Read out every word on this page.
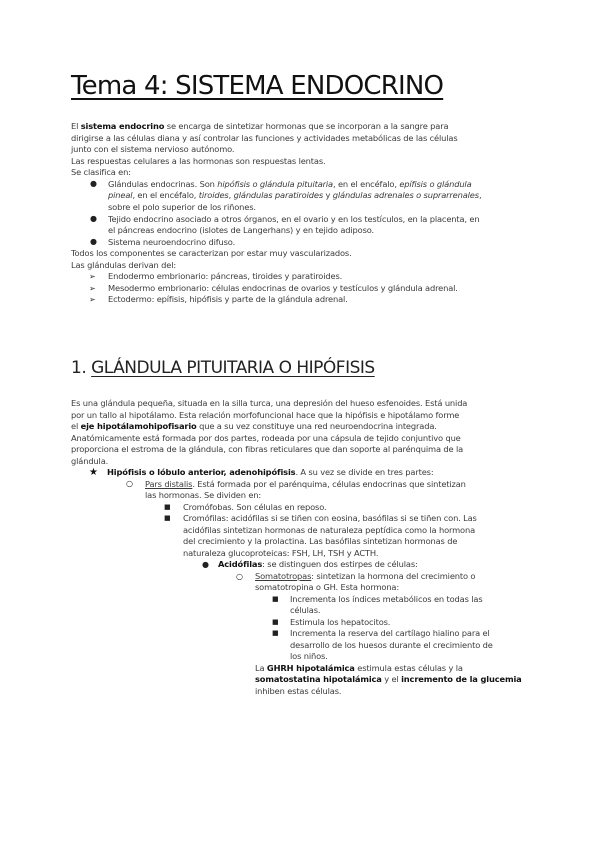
Tema 4: SISTEMA ENDOCRINO
El sistema endocrino se encarga de sintetizar hormonas que se incorporan a la sangre para
dirigirse a las células diana y así controlar las funciones y actividades metabólicas de las células
junto con el sistema nervioso autónomo.
Las respuestas celulares a las hormonas son respuestas lentas.
Se clasifica en:
● Glándulas endocrinas. Son hipófisis o glándula pituitaria, en el encéfalo, epífisis o glándula
pineal, en el encéfalo, tiroides, glándulas paratiroides y glándulas adrenales o suprarrenales,
sobre el polo superior de los riñones.
● Tejido endocrino asociado a otros órganos, en el ovario y en los testículos, en la placenta, en
el páncreas endocrino (islotes de Langerhans) y en tejido adiposo.
● Sistema neuroendocrino difuso.
Todos los componentes se caracterizan por estar muy vascularizados.
Las glándulas derivan del:
➢ Endodermo embrionario: páncreas, tiroides y paratiroides.
➢ Mesodermo embrionario: células endocrinas de ovarios y testículos y glándula adrenal.
➢ Ectodermo: epífisis, hipófisis y parte de la glándula adrenal.
1. GLÁNDULA PITUITARIA O HIPÓFISIS
Es una glándula pequeña, situada en la silla turca, una depresión del hueso esfenoides. Está unida
por un tallo al hipotálamo. Esta relación morfofuncional hace que la hipófisis e hipotálamo forme
el eje hipotálamohipofisario que a su vez constituye una red neuroendocrina integrada.
Anatómicamente está formada por dos partes, rodeada por una cápsula de tejido conjuntivo que
proporciona el estroma de la glándula, con fibras reticulares que dan soporte al parénquima de la
glándula.
★ Hipófisis o lóbulo anterior, adenohipófisis. A su vez se divide en tres partes:
○ Pars distalis. Está formada por el parénquima, células endocrinas que sintetizan
las hormonas. Se dividen en:
■ Cromófobas. Son células en reposo.
■ Cromófilas: acidófilas si se tiñen con eosina, basófilas si se tiñen con. Las
acidófilas sintetizan hormonas de naturaleza peptídica como la hormona
del crecimiento y la prolactina. Las basófilas sintetizan hormonas de
naturaleza glucoproteicas: FSH, LH, TSH y ACTH.
● Acidófilas: se distinguen dos estirpes de células:
○ Somatotropas: sintetizan la hormona del crecimiento o
somatotropina o GH. Esta hormona:
■ Incrementa los índices metabólicos en todas las
células.
■ Estimula los hepatocitos.
■ Incrementa la reserva del cartílago hialino para el
desarrollo de los huesos durante el crecimiento de
los niños.
La GHRH hipotalámica estimula estas células y la
somatostatina hipotalámica y el incremento de la glucemia
inhiben estas células.
